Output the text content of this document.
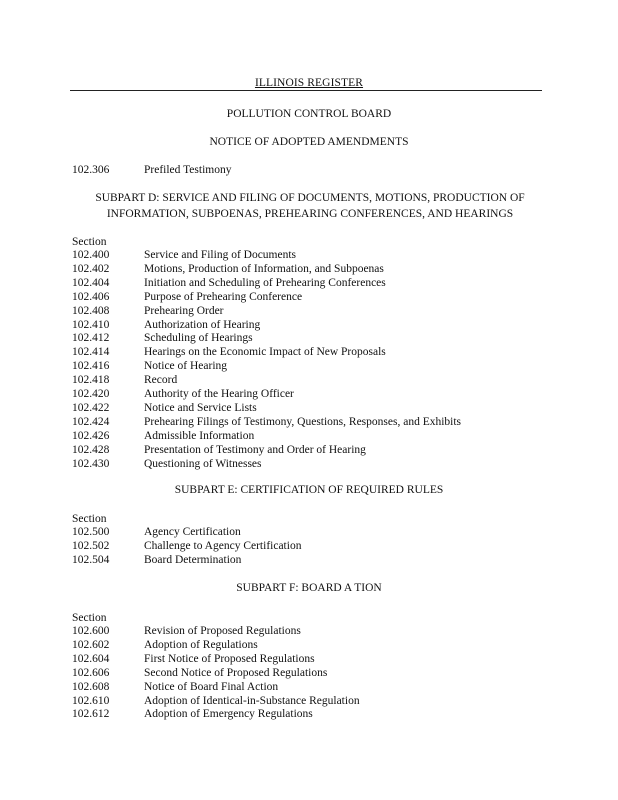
ILLINOIS REGISTER
POLLUTION CONTROL BOARD
NOTICE OF ADOPTED AMENDMENTS
102.306	Prefiled Testimony
SUBPART D: SERVICE AND FILING OF DOCUMENTS, MOTIONS, PRODUCTION OF INFORMATION, SUBPOENAS, PREHEARING CONFERENCES, AND HEARINGS
Section
102.400	Service and Filing of Documents
102.402	Motions, Production of Information, and Subpoenas
102.404	Initiation and Scheduling of Prehearing Conferences
102.406	Purpose of Prehearing Conference
102.408	Prehearing Order
102.410	Authorization of Hearing
102.412	Scheduling of Hearings
102.414	Hearings on the Economic Impact of New Proposals
102.416	Notice of Hearing
102.418	Record
102.420	Authority of the Hearing Officer
102.422	Notice and Service Lists
102.424	Prehearing Filings of Testimony, Questions, Responses, and Exhibits
102.426	Admissible Information
102.428	Presentation of Testimony and Order of Hearing
102.430	Questioning of Witnesses
SUBPART E: CERTIFICATION OF REQUIRED RULES
Section
102.500	Agency Certification
102.502	Challenge to Agency Certification
102.504	Board Determination
SUBPART F: BOARD A TION
Section
102.600	Revision of Proposed Regulations
102.602	Adoption of Regulations
102.604	First Notice of Proposed Regulations
102.606	Second Notice of Proposed Regulations
102.608	Notice of Board Final Action
102.610	Adoption of Identical-in-Substance Regulation
102.612	Adoption of Emergency Regulations
